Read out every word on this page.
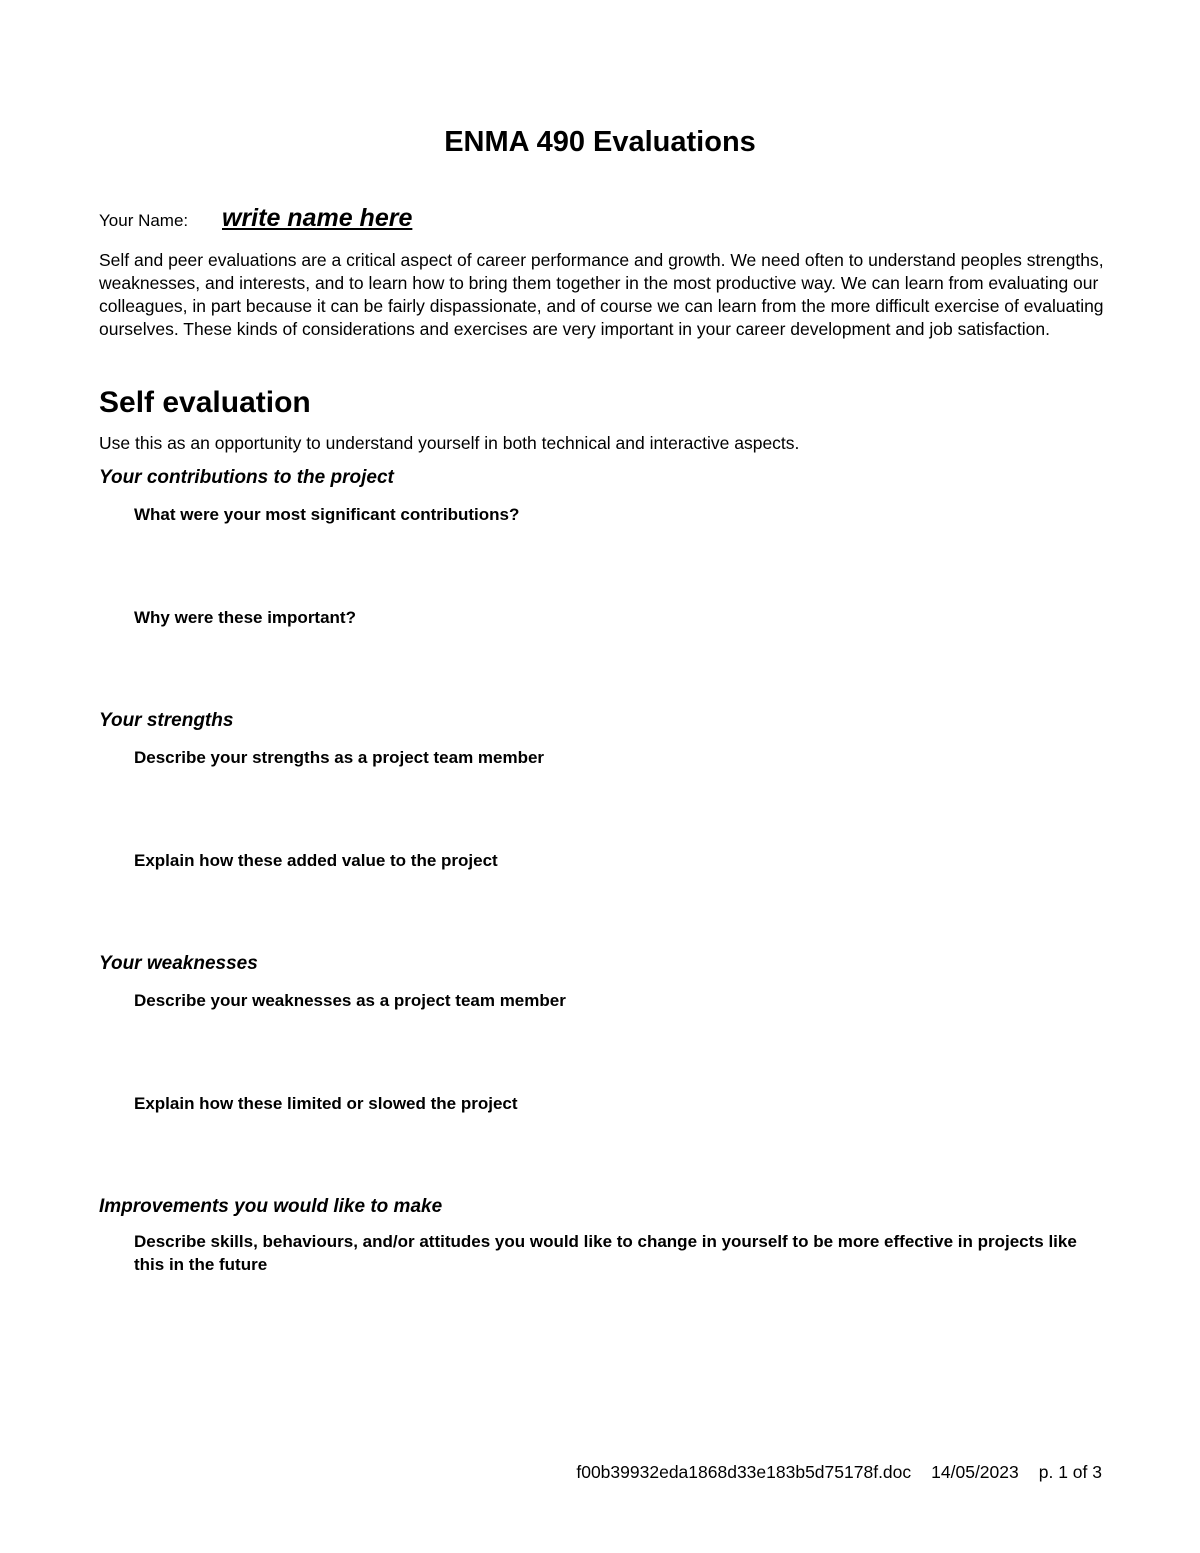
ENMA 490 Evaluations
Your Name: write name here

Self and peer evaluations are a critical aspect of career performance and growth. We need often to understand peoples strengths, weaknesses, and interests, and to learn how to bring them together in the most productive way. We can learn from evaluating our colleagues, in part because it can be fairly dispassionate, and of course we can learn from the more difficult exercise of evaluating ourselves. These kinds of considerations and exercises are very important in your career development and job satisfaction.

Self evaluation

Use this as an opportunity to understand yourself in both technical and interactive aspects.

Your contributions to the project

What were your most significant contributions?

Why were these important?

Your strengths

Describe your strengths as a project team member

Explain how these added value to the project

Your weaknesses

Describe your weaknesses as a project team member

Explain how these limited or slowed the project

Improvements you would like to make

Describe skills, behaviours, and/or attitudes you would like to change in yourself to be more effective in projects like this in the future

f00b39932eda1868d33e183b5d75178f.doc 14/05/2023 p. 1 of 3
